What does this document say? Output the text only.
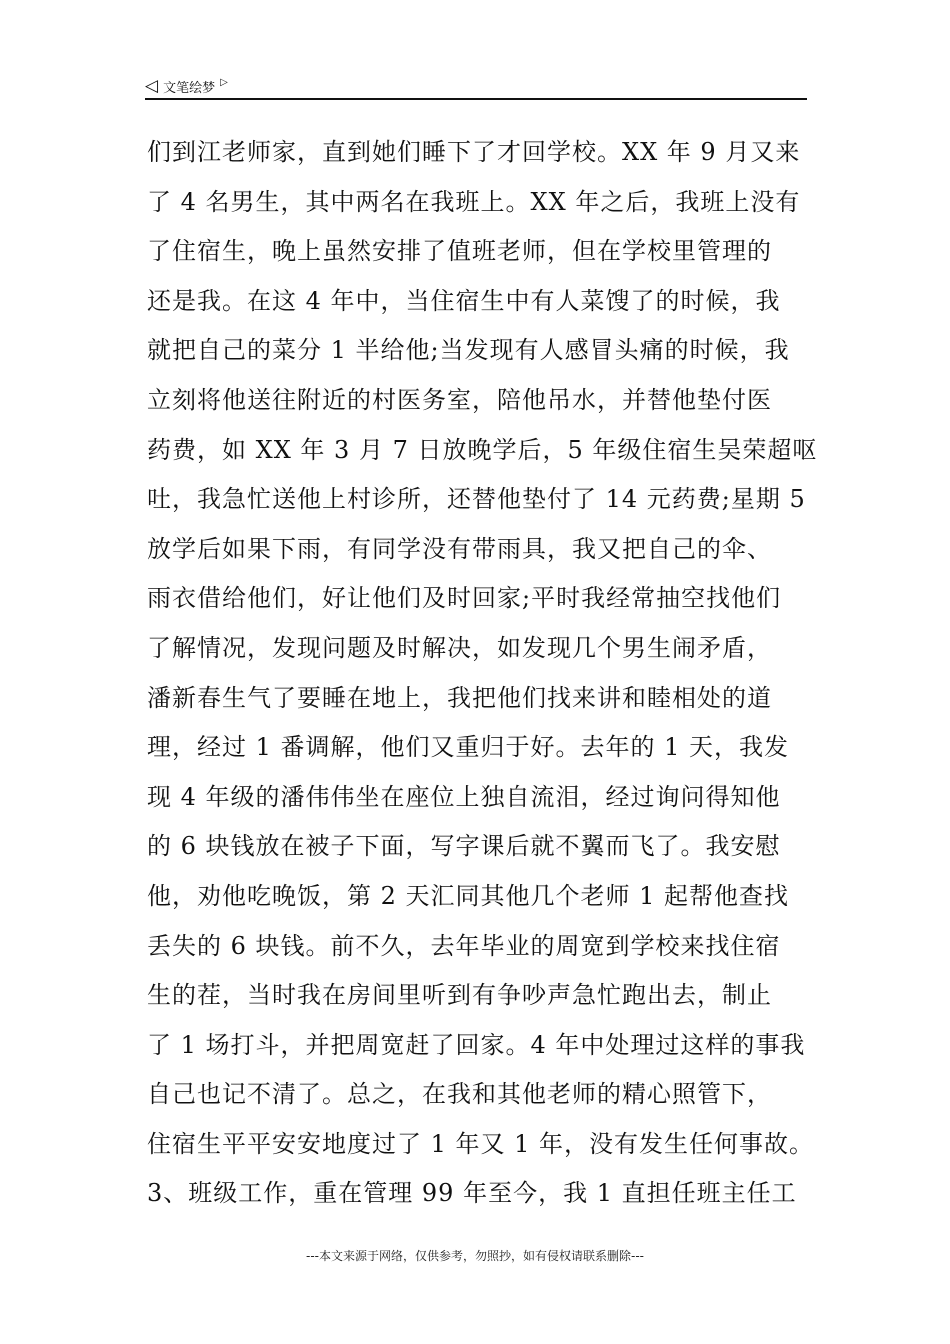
◁ 文笔绘梦 ▷
们到江老师家，直到她们睡下了才回学校。XX 年 9 月又来
了 4 名男生，其中两名在我班上。XX 年之后，我班上没有
了住宿生，晚上虽然安排了值班老师，但在学校里管理的
还是我。在这 4 年中，当住宿生中有人菜馊了的时候，我
就把自己的菜分 1 半给他;当发现有人感冒头痛的时候，我
立刻将他送往附近的村医务室，陪他吊水，并替他垫付医
药费，如 XX 年 3 月 7 日放晚学后，5 年级住宿生吴荣超呕
吐，我急忙送他上村诊所，还替他垫付了 14 元药费;星期 5
放学后如果下雨，有同学没有带雨具，我又把自己的伞、
雨衣借给他们，好让他们及时回家;平时我经常抽空找他们
了解情况，发现问题及时解决，如发现几个男生闹矛盾，
潘新春生气了要睡在地上，我把他们找来讲和睦相处的道
理，经过 1 番调解，他们又重归于好。去年的 1 天，我发
现 4 年级的潘伟伟坐在座位上独自流泪，经过询问得知他
的 6 块钱放在被子下面，写字课后就不翼而飞了。我安慰
他，劝他吃晚饭，第 2 天汇同其他几个老师 1 起帮他查找
丢失的 6 块钱。前不久，去年毕业的周宽到学校来找住宿
生的茬，当时我在房间里听到有争吵声急忙跑出去，制止
了 1 场打斗，并把周宽赶了回家。4 年中处理过这样的事我
自己也记不清了。总之，在我和其他老师的精心照管下，
住宿生平平安安地度过了 1 年又 1 年，没有发生任何事故。
3、班级工作，重在管理 99 年至今，我 1 直担任班主任工
---本文来源于网络，仅供参考，勿照抄，如有侵权请联系删除---
